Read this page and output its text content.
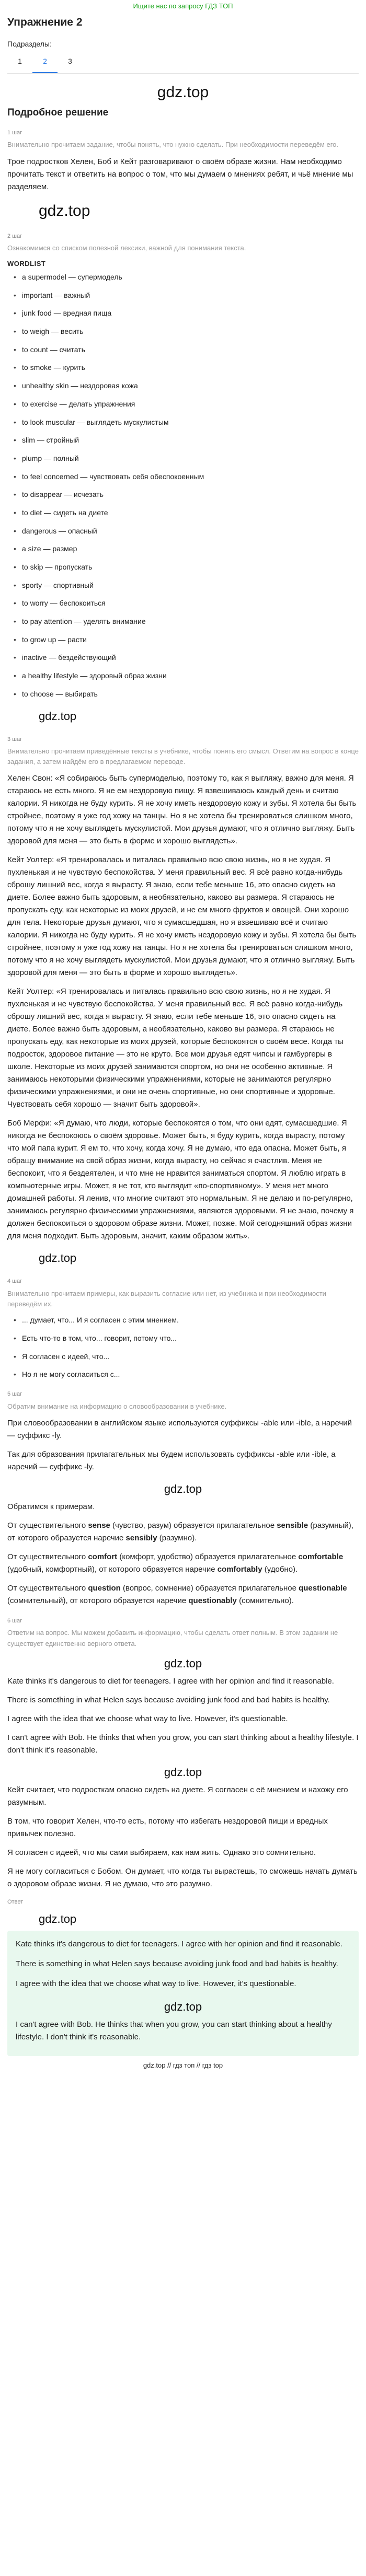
Ищите нас по запросу ГДЗ ТОП
Упражнение 2
Подразделы:
1	2	3
gdz.top
Подробное решение
1 шаг
Внимательно прочитаем задание, чтобы понять, что нужно сделать. При необходимости переведём его.

Трое подростков Хелен, Боб и Кейт разговаривают о своём образе жизни. Нам необходимо прочитать текст и ответить на вопрос о том, что мы думаем о мнениях ребят, и чьё мнение мы разделяем.

gdz.top
2 шаг
Ознакомимся со списком полезной лексики, важной для понимания текста.
WORDLIST
• a supermodel — супермодель
• important — важный
• junk food — вредная пища
• to weigh — весить
• to count — считать
• to smoke — курить
• unhealthy skin — нездоровая кожа
• to exercise — делать упражнения
• to look muscular — выглядеть мускулистым
• slim — стройный
• plump — полный
• to feel concerned — чувствовать себя обеспокоенным
• to disappear — исчезать
• to diet — сидеть на диете
• dangerous — опасный
• a size — размер
• to skip — пропускать
• sporty — спортивный
• to worry — беспокоиться
• to pay attention — уделять внимание
• to grow up — расти
• inactive — бездействующий
• a healthy lifestyle — здоровый образ жизни
• to choose — выбирать
gdz.top
3 шаг
Внимательно прочитаем приведённые тексты в учебнике, чтобы понять его смысл. Ответим на вопрос в конце задания, а затем найдём его в предлагаемом переводе.

Хелен Свон: «Я собираюсь быть супермоделью, поэтому то, как я выгляжу, важно для меня. Я стараюсь не есть много. Я не ем нездоровую пищу. Я взвешиваюсь каждый день и считаю калории. Я никогда не буду курить. Я не хочу иметь нездоровую кожу и зубы. Я хотела бы быть стройнее, поэтому я уже год хожу на танцы. Но я не хотела бы тренироваться слишком много, потому что я не хочу выглядеть мускулистой. Мои друзья думают, что я отлично выгляжу. Быть здоровой для меня — это быть в форме и хорошо выглядеть».

Кейт Уолтер: «Я тренировалась и питалась правильно всю свою жизнь, но я не худая. Я пухленькая и не чувствую беспокойства. У меня правильный вес. Я всё равно когда-нибудь сброшу лишний вес, когда я вырасту. Я знаю, если тебе меньше 16, это опасно сидеть на диете. Более важно быть здоровым, а необязательно, каково вы размера. Я стараюсь не пропускать еду, как некоторые из моих друзей, и не ем много фруктов и овощей. Они хорошо для тела. Некоторые друзья думают, что я сумасшедшая, но я взвешиваю всё и считаю калории. Я никогда не буду курить. Я не хочу иметь нездоровую кожу и зубы. Я хотела бы быть стройнее, поэтому я уже год хожу на танцы. Но я не хотела бы тренироваться слишком много, потому что я не хочу выглядеть мускулистой. Мои друзья думают, что я отлично выгляжу. Быть здоровой для меня — это быть в форме и хорошо выглядеть».

Кейт Уолтер: «Я тренировалась и питалась правильно всю свою жизнь, но я не худая. Я пухленькая и не чувствую беспокойства. У меня правильный вес. Я всё равно когда-нибудь сброшу лишний вес, когда я вырасту. Я знаю, если тебе меньше 16, это опасно сидеть на диете. Более важно быть здоровым, а необязательно, каково вы размера. Я стараюсь не пропускать еду, как некоторые из моих друзей, которые беспокоятся о своём весе. Когда ты подросток, здоровое питание — это не круто. Все мои друзья едят чипсы и гамбургеры в школе. Некоторые из моих друзей занимаются спортом, но они не особенно активные. Я занимаюсь некоторыми физическими упражнениями, которые не занимаются регулярно физическими упражнениями, и они не очень спортивные, но они спортивные и здоровые. Чувствовать себя хорошо — значит быть здоровой».

Боб Мерфи: «Я думаю, что люди, которые беспокоятся о том, что они едят, сумасшедшие. Я никогда не беспокоюсь о своём здоровье. Может быть, я буду курить, когда вырасту, потому что мой папа курит. Я ем то, что хочу, когда хочу. Я не думаю, что еда опасна. Может быть, я обращу внимание на свой образ жизни, когда вырасту, но сейчас я счастлив. Меня не беспокоит, что я бездеятелен, и что мне не нравится заниматься спортом. Я люблю играть в компьютерные игры. Может, я не тот, кто выглядит «по-спортивному». У меня нет много домашней работы. Я ленив, что многие считают это нормальным. Я не делаю и по-регулярно, занимаюсь регулярно физическими упражнениями, являются здоровыми. Я не знаю, почему я должен беспокоиться о здоровом образе жизни. Может, позже. Мой сегодняшний образ жизни для меня подходит. Быть здоровым, значит, каким образом жить».

gdz.top
4 шаг
Внимательно прочитаем примеры, как выразить согласие или нет, из учебника и при необходимости переведём их.
• ... думает, что... И я согласен с этим мнением.
• Есть что-то в том, что... говорит, потому что...
• Я согласен с идеей, что...
• Но я не могу согласиться с...
5 шаг
Обратим внимание на информацию о словообразовании в учебнике.

При словообразовании в английском языке используются суффиксы -able или -ible, а наречий — суффикс -ly.

Так для образования прилагательных мы будем использовать суффиксы -able или -ible, а наречий — суффикс -ly.

gdz.top

Обратимся к примерам.

От существительного sense (чувство, разум) образуется прилагательное sensible (разумный), от которого образуется наречие sensibly (разумно).

От существительного comfort (комфорт, удобство) образуется прилагательное comfortable (удобный, комфортный), от которого образуется наречие comfortably (удобно).

От существительного question (вопрос, сомнение) образуется прилагательное questionable (сомнительный), от которого образуется наречие questionably (сомнительно).

6 шаг
Ответим на вопрос. Мы можем добавить информацию, чтобы сделать ответ полным. В этом задании не существует единственно верного ответа.
gdz.top

Kate thinks it's dangerous to diet for teenagers. I agree with her opinion and find it reasonable.

There is something in what Helen says because avoiding junk food and bad habits is healthy.

I agree with the idea that we choose what way to live. However, it's questionable.

I can't agree with Bob. He thinks that when you grow, you can start thinking about a healthy lifestyle. I don't think it's reasonable.

gdz.top

Кейт считает, что подросткам опасно сидеть на диете. Я согласен с её мнением и нахожу его разумным.

В том, что говорит Хелен, что-то есть, потому что избегать нездоровой пищи и вредных привычек полезно.

Я согласен с идеей, что мы сами выбираем, как нам жить. Однако это сомнительно.

Я не могу согласиться с Бобом. Он думает, что когда ты вырастешь, то сможешь начать думать о здоровом образе жизни. Я не думаю, что это разумно.

Ответ
gdz.top

Kate thinks it's dangerous to diet for teenagers. I agree with her opinion and find it reasonable.

There is something in what Helen says because avoiding junk food and bad habits is healthy.

I agree with the idea that we choose what way to live. However, it's questionable.

gdz.top

I can't agree with Bob. He thinks that when you grow, you can start thinking about a healthy lifestyle. I don't think it's reasonable.

gdz.top // гдз топ // гдз top
